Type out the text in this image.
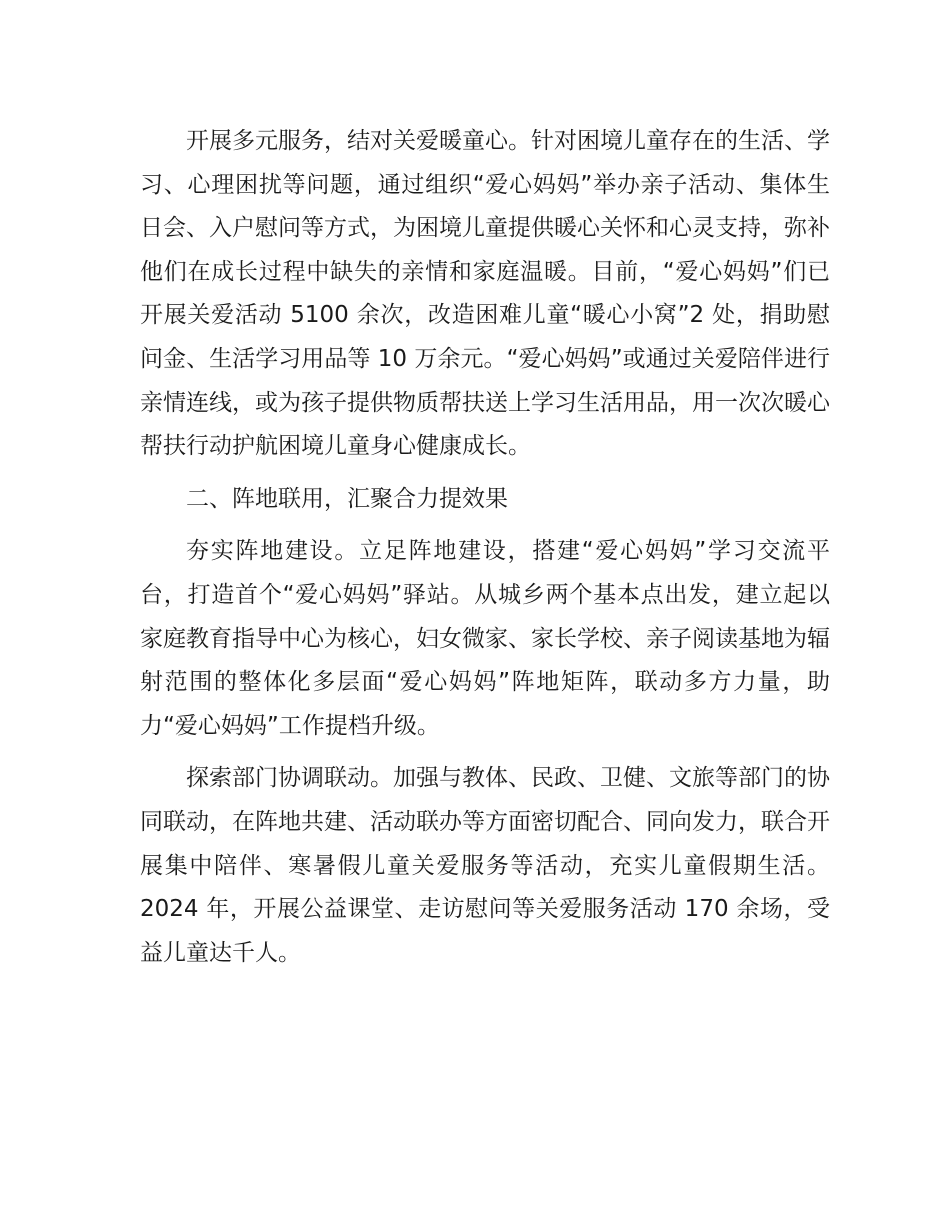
开展多元服务，结对关爱暖童心。针对困境儿童存在的生活、学习、心理困扰等问题，通过组织“爱心妈妈”举办亲子活动、集体生日会、入户慰问等方式，为困境儿童提供暖心关怀和心灵支持，弥补他们在成长过程中缺失的亲情和家庭温暖。目前，“爱心妈妈”们已开展关爱活动 5100 余次，改造困难儿童“暖心小窝”2 处，捐助慰问金、生活学习用品等 10 万余元。“爱心妈妈”或通过关爱陪伴进行亲情连线，或为孩子提供物质帮扶送上学习生活用品，用一次次暖心帮扶行动护航困境儿童身心健康成长。

二、阵地联用，汇聚合力提效果

夯实阵地建设。立足阵地建设，搭建“爱心妈妈”学习交流平台，打造首个“爱心妈妈”驿站。从城乡两个基本点出发，建立起以家庭教育指导中心为核心，妇女微家、家长学校、亲子阅读基地为辐射范围的整体化多层面“爱心妈妈”阵地矩阵，联动多方力量，助力“爱心妈妈”工作提档升级。

探索部门协调联动。加强与教体、民政、卫健、文旅等部门的协同联动，在阵地共建、活动联办等方面密切配合、同向发力，联合开展集中陪伴、寒暑假儿童关爱服务等活动，充实儿童假期生活。2024 年，开展公益课堂、走访慰问等关爱服务活动 170 余场，受益儿童达千人。
